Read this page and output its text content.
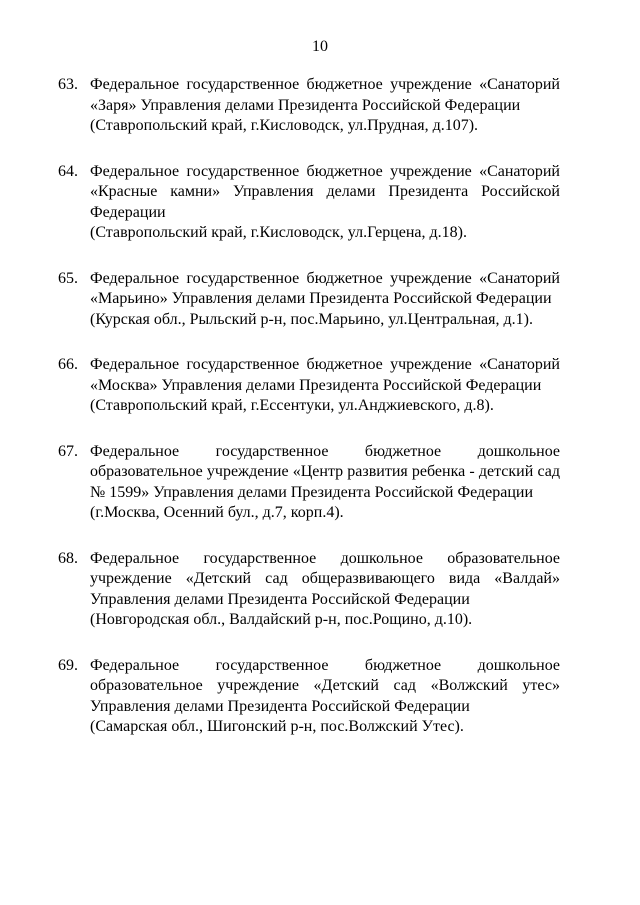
10
63. Федеральное государственное бюджетное учреждение «Санаторий «Заря» Управления делами Президента Российской Федерации
(Ставропольский край, г.Кисловодск, ул.Прудная, д.107).
64. Федеральное государственное бюджетное учреждение «Санаторий «Красные камни» Управления делами Президента Российской Федерации
(Ставропольский край, г.Кисловодск, ул.Герцена, д.18).
65. Федеральное государственное бюджетное учреждение «Санаторий «Марьино» Управления делами Президента Российской Федерации
(Курская обл., Рыльский р-н, пос.Марьино, ул.Центральная, д.1).
66. Федеральное государственное бюджетное учреждение «Санаторий «Москва» Управления делами Президента Российской Федерации
(Ставропольский край, г.Ессентуки, ул.Анджиевского, д.8).
67. Федеральное государственное бюджетное дошкольное образовательное учреждение «Центр развития ребенка - детский сад № 1599» Управления делами Президента Российской Федерации
(г.Москва, Осенний бул., д.7, корп.4).
68. Федеральное государственное дошкольное образовательное учреждение «Детский сад общеразвивающего вида «Валдай» Управления делами Президента Российской Федерации
(Новгородская обл., Валдайский р-н, пос.Рощино, д.10).
69. Федеральное государственное бюджетное дошкольное образовательное учреждение «Детский сад «Волжский утес» Управления делами Президента Российской Федерации
(Самарская обл., Шигонский р-н, пос.Волжский Утес).
